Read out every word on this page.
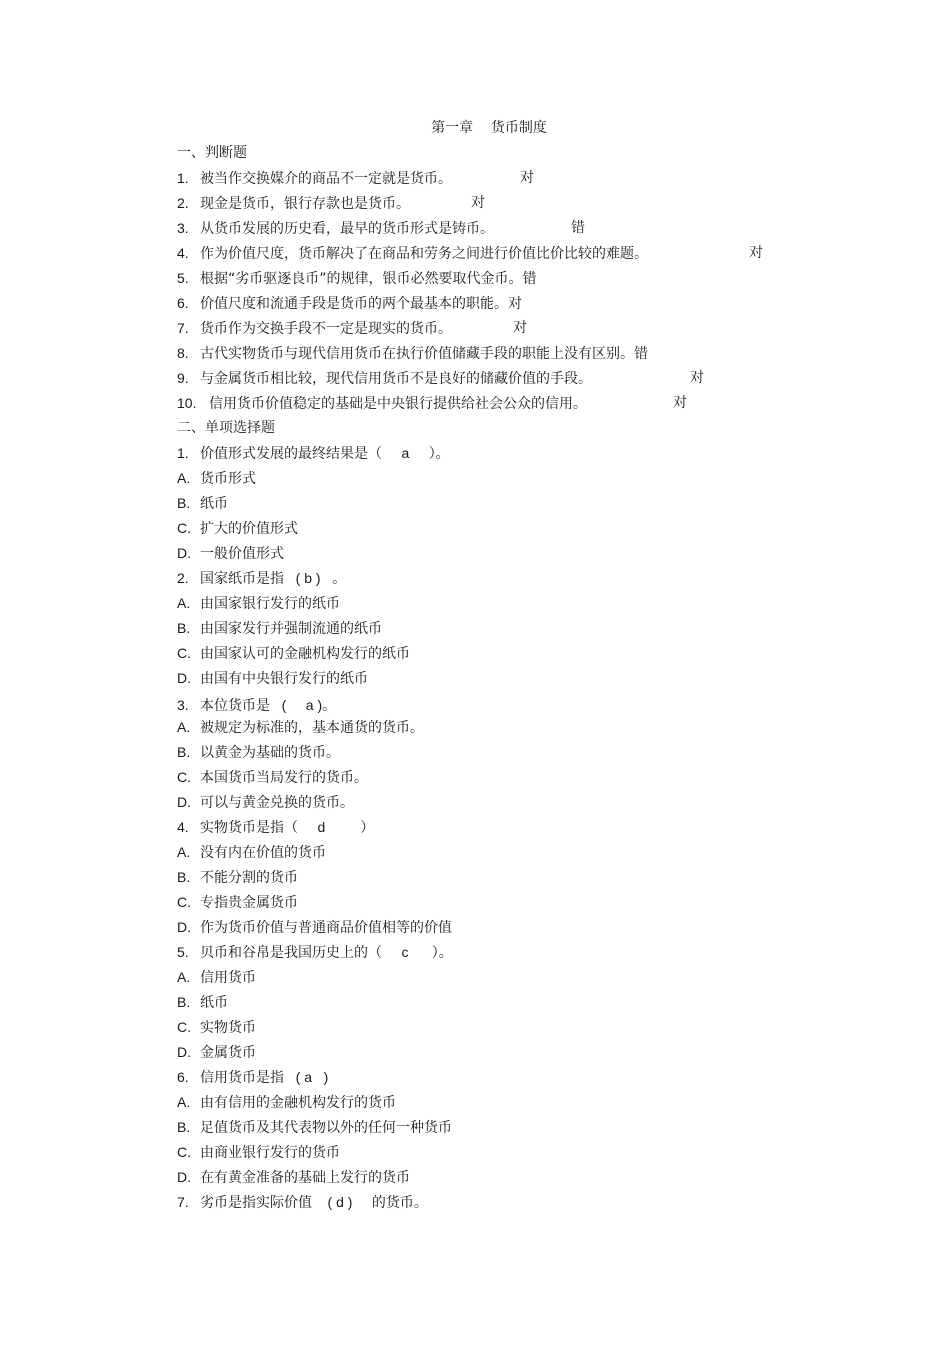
第一章    货币制度
一、判断题
1. 被当作交换媒介的商品不一定就是货币。	对
2. 现金是货币，银行存款也是货币。	对
3. 从货币发展的历史看，最早的货币形式是铸币。	错
4. 作为价值尺度，货币解决了在商品和劳务之间进行价值比价比较的难题。	对
5. 根据“劣币驱逐良币”的规律，银币必然要取代金币。错
6. 价值尺度和流通手段是货币的两个最基本的职能。对
7. 货币作为交换手段不一定是现实的货币。	对
8. 古代实物货币与现代信用货币在执行价值储藏手段的职能上没有区别。错
9. 与金属货币相比较，现代信用货币不是良好的储藏价值的手段。	对
10. 信用货币价值稳定的基础是中央银行提供给社会公众的信用。	对
二、单项选择题
1. 价值形式发展的最终结果是（     a     ）。
A. 货币形式
B. 纸币
C. 扩大的价值形式
D. 一般价值形式
2. 国家纸币是指   ( b )   。
A. 由国家银行发行的纸币
B. 由国家发行并强制流通的纸币
C. 由国家认可的金融机构发行的纸币
D. 由国有中央银行发行的纸币
3. 本位货币是   (     a )。
A. 被规定为标准的，基本通货的货币。
B. 以黄金为基础的货币。
C. 本国货币当局发行的货币。
D. 可以与黄金兑换的货币。
4. 实物货币是指（     d         ）
A. 没有内在价值的货币
B. 不能分割的货币
C. 专指贵金属货币
D. 作为货币价值与普通商品价值相等的价值
5. 贝币和谷帛是我国历史上的（     c      ）。
A. 信用货币
B. 纸币
C. 实物货币
D. 金属货币
6. 信用货币是指   ( a   )
A. 由有信用的金融机构发行的货币
B. 足值货币及其代表物以外的任何一种货币
C. 由商业银行发行的货币
D. 在有黄金准备的基础上发行的货币
7. 劣币是指实际价值    ( d )     的货币。
